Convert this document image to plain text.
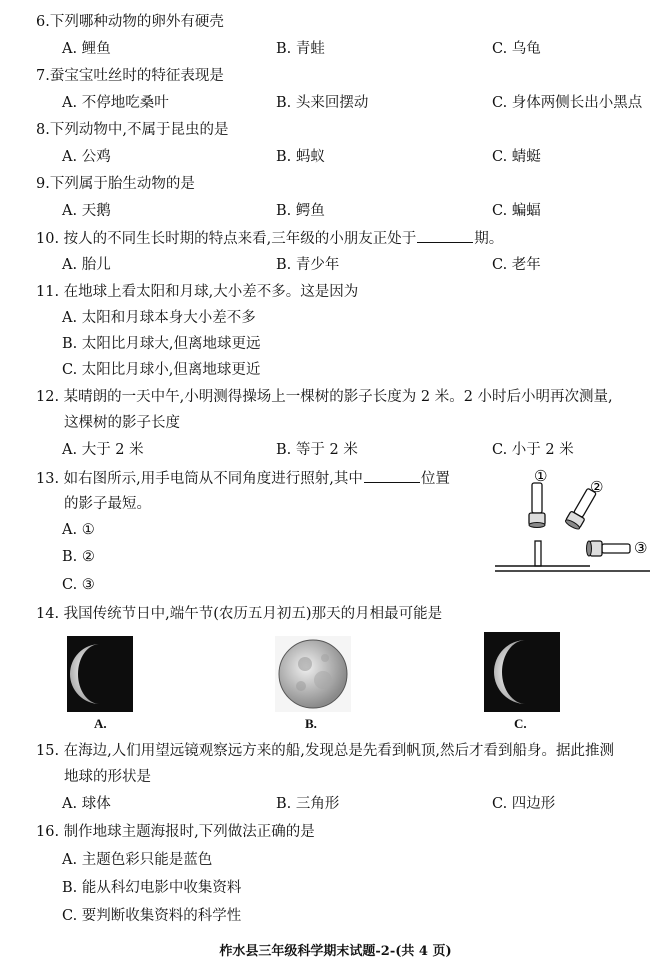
6.下列哪种动物的卵外有硬壳
A. 鲤鱼	B. 青蛙	C. 乌龟
7.蚕宝宝吐丝时的特征表现是
A. 不停地吃桑叶	B. 头来回摆动	C. 身体两侧长出小黑点
8.下列动物中,不属于昆虫的是
A. 公鸡	B. 蚂蚁	C. 蜻蜓
9.下列属于胎生动物的是
A. 天鹅	B. 鳄鱼	C. 蝙蝠
10. 按人的不同生长时期的特点来看,三年级的小朋友正处于	期。
A. 胎儿	B. 青少年	C. 老年
11. 在地球上看太阳和月球,大小差不多。这是因为
A. 太阳和月球本身大小差不多
B. 太阳比月球大,但离地球更远
C. 太阳比月球小,但离地球更近
12. 某晴朗的一天中午,小明测得操场上一棵树的影子长度为 2 米。2 小时后小明再次测量,
这棵树的影子长度
A. 大于 2 米	B. 等于 2 米	C. 小于 2 米
13. 如右图所示,用手电筒从不同角度进行照射,其中	位置
的影子最短。
A. ①
B. ②
C. ③
①
②
③
14. 我国传统节日中,端午节(农历五月初五)那天的月相最可能是
A.	B.	C.
15. 在海边,人们用望远镜观察远方来的船,发现总是先看到帆顶,然后才看到船身。据此推测
地球的形状是
A. 球体	B. 三角形	C. 四边形
16. 制作地球主题海报时,下列做法正确的是
A. 主题色彩只能是蓝色
B. 能从科幻电影中收集资料
C. 要判断收集资料的科学性
柞水县三年级科学期末试题-2-(共 4 页)
